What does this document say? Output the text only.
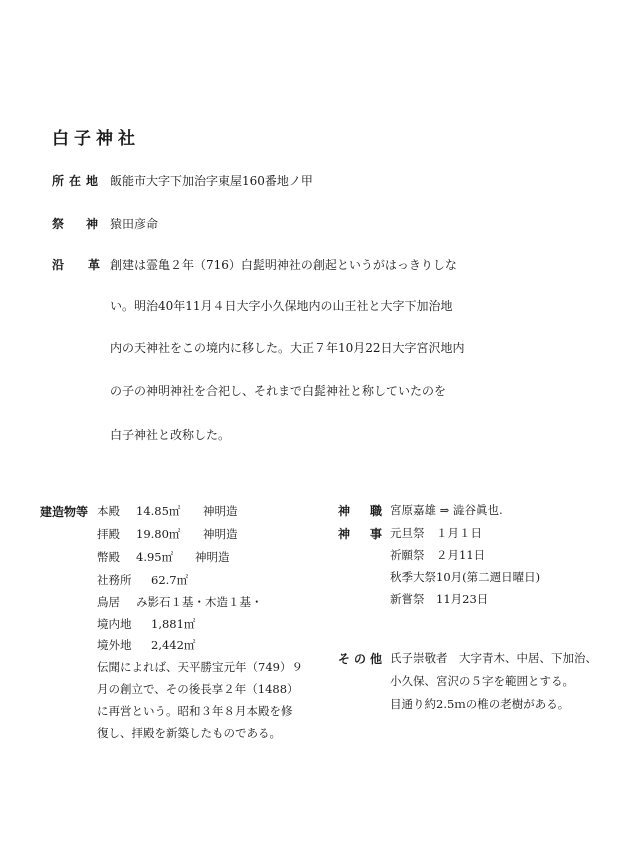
白子神社
所在地 飯能市大字下加治字東屋160番地ノ甲
祭神
猿田彦命
沿革
創建は霊亀２年（716）白髭明神社の創起というがはっきりしな
い。明治40年11月４日大字小久保地内の山王社と大字下加治地
内の天神社をこの境内に移した。大正７年10月22日大字宮沢地内
の子の神明神社を合祀し、それまで白髭神社と称していたのを
白子神社と改称した。
建造物等 本殿 14.85㎡ 神明造
拝殿 19.80㎡ 神明造
幣殿 4.95㎡ 神明造
社務所 62.7㎡
鳥居 み影石１基・木造１基・
境内地 1,881㎡
境外地 2,442㎡
伝聞によれば、天平勝宝元年（749）９
月の創立で、その後長享２年（1488）
に再営という。昭和３年８月本殿を修
復し、拝殿を新築したものである。
神職
宮原嘉雄 ⇒ 澁谷眞也.
神事
元旦祭　１月１日
祈願祭　２月11日
秋季大祭10月(第二週日曜日)
新嘗祭　11月23日
その他 氏子崇敬者　大字青木、中居、下加治、
小久保、宮沢の５字を範囲とする。
目通り約2.5ｍの椎の老樹がある。
